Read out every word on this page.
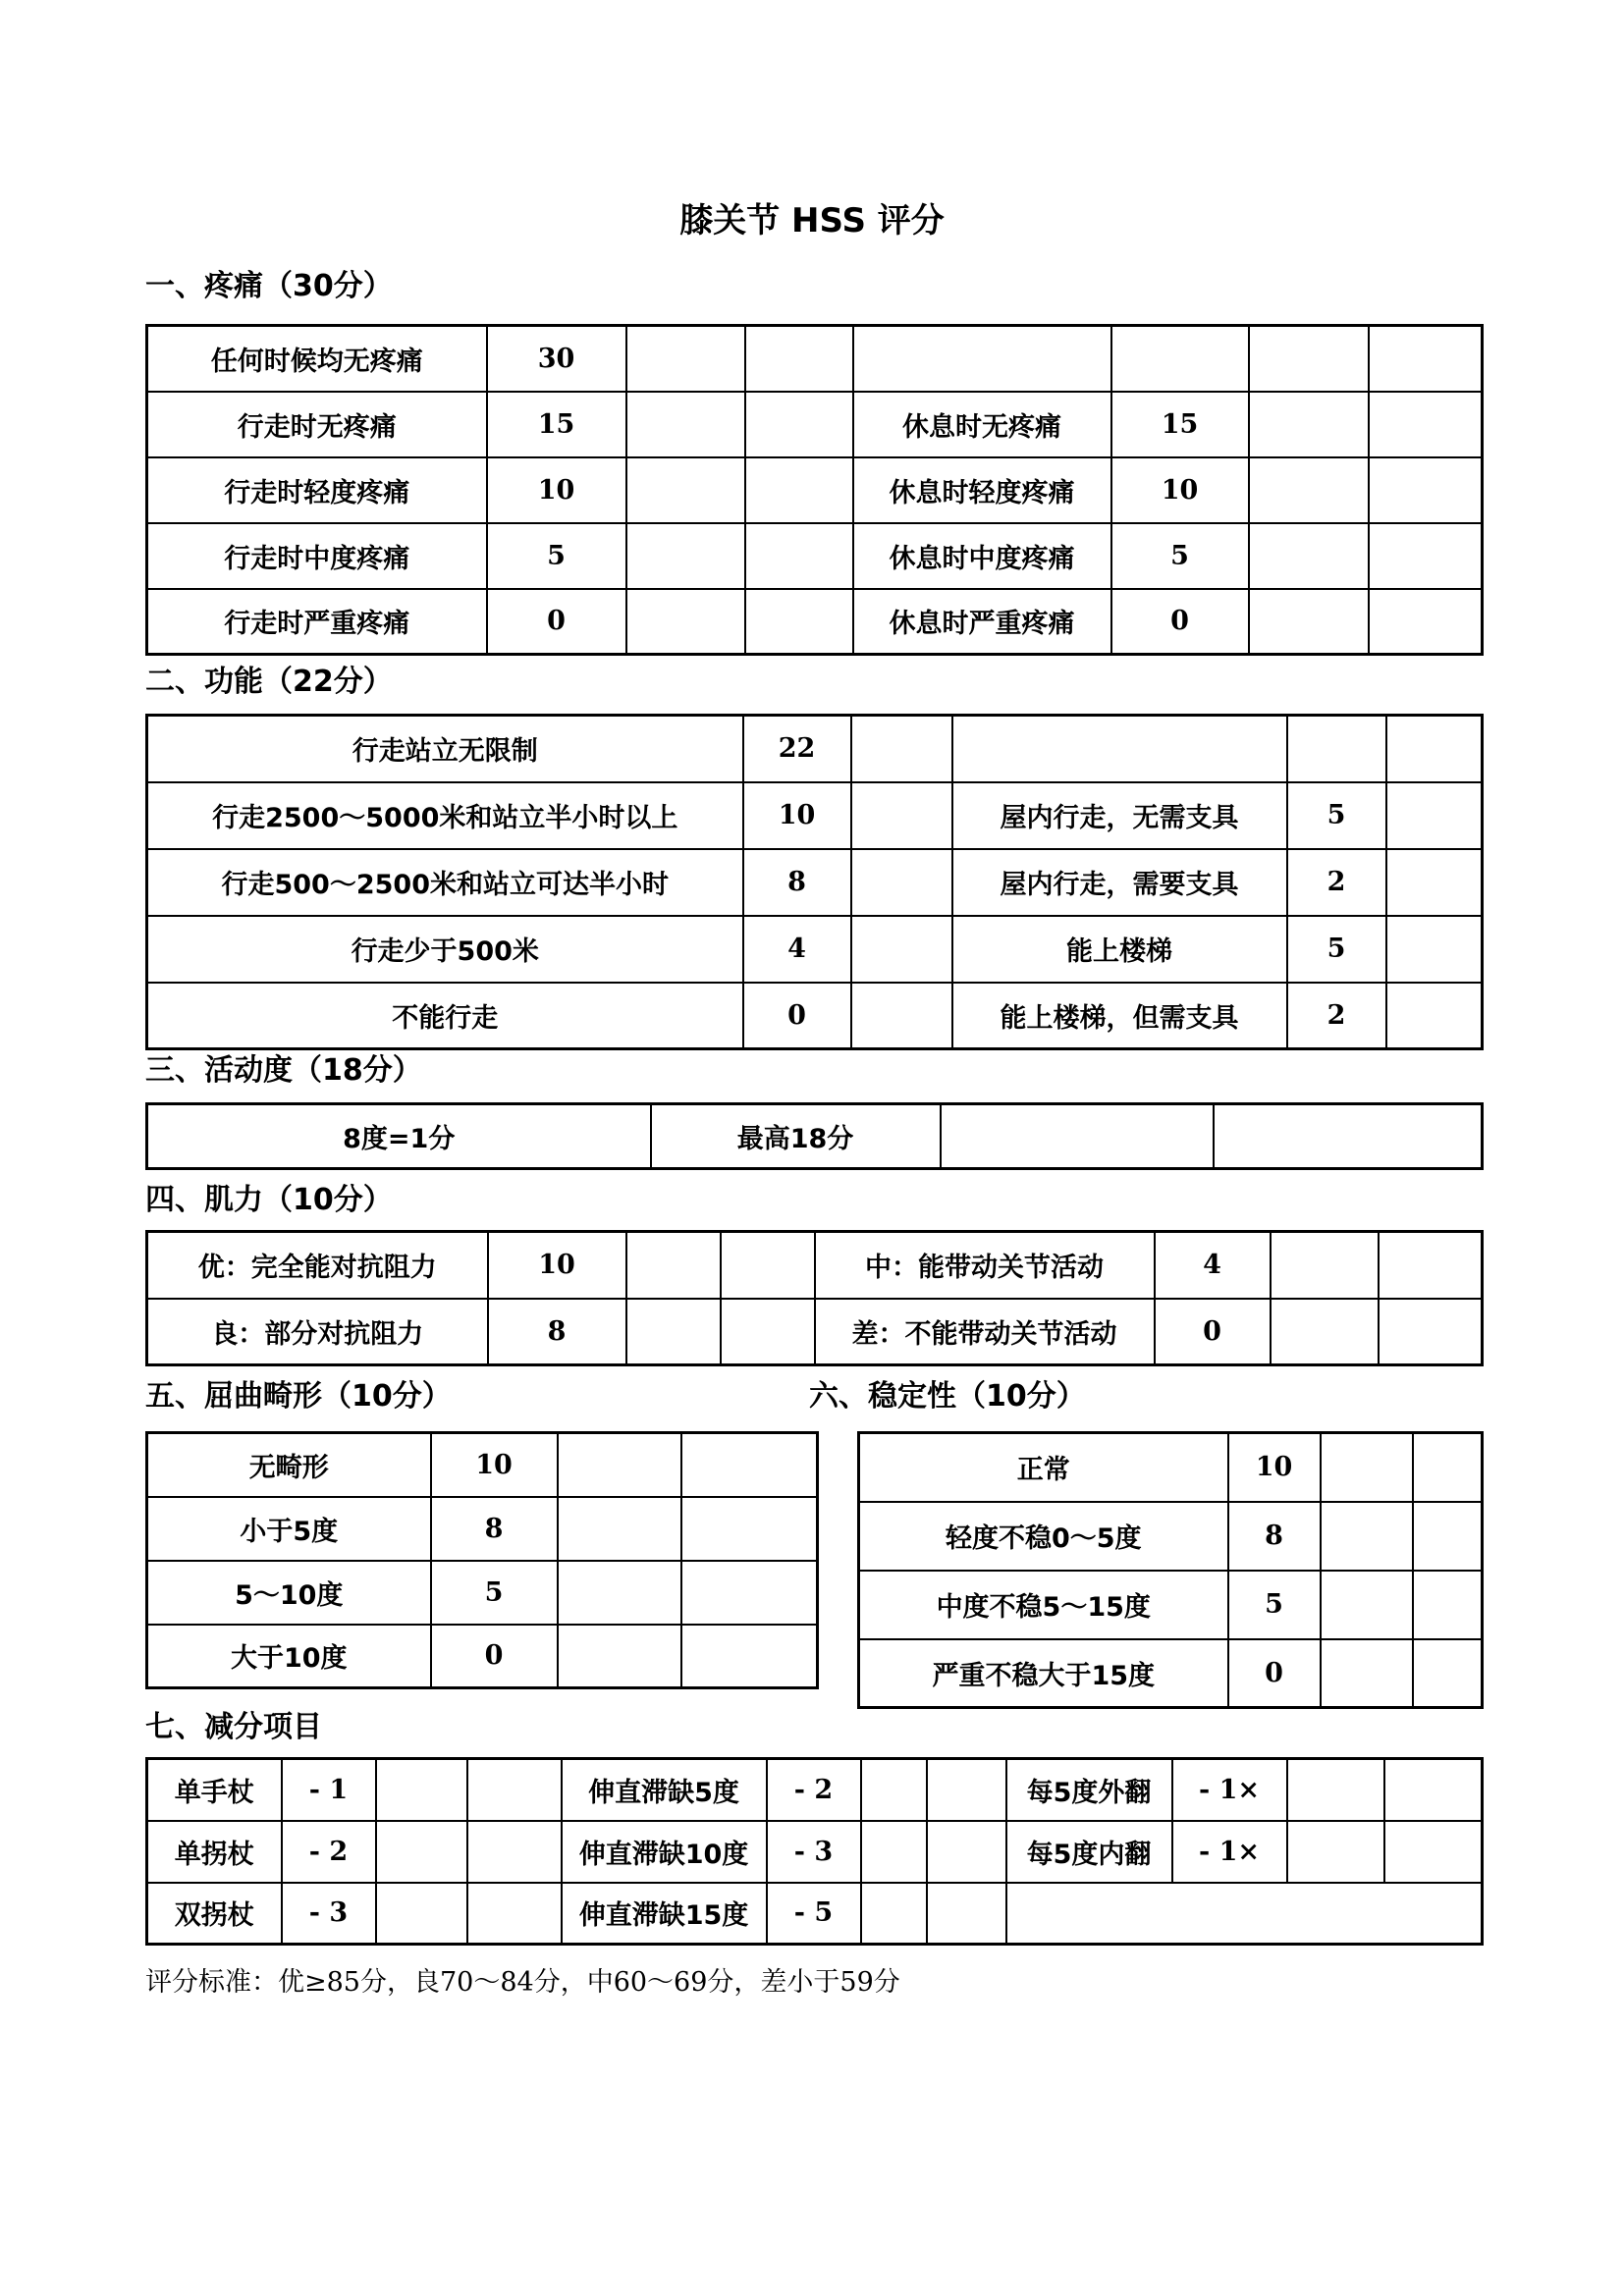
膝关节 HSS 评分
一、疼痛（30分）
任何时候均无疼痛	30						
行走时无疼痛	15			休息时无疼痛	15		
行走时轻度疼痛	10			休息时轻度疼痛	10		
行走时中度疼痛	5			休息时中度疼痛	5		
行走时严重疼痛	0			休息时严重疼痛	0		
二、功能（22分）
行走站立无限制	22				
行走2500～5000米和站立半小时以上	10		屋内行走，无需支具	5	
行走500～2500米和站立可达半小时	8		屋内行走，需要支具	2	
行走少于500米	4		能上楼梯	5	
不能行走	0		能上楼梯，但需支具	2	
三、活动度（18分）
8度=1分	最高18分		
四、肌力（10分）
优：完全能对抗阻力	10			中：能带动关节活动	4		
良：部分对抗阻力	8			差：不能带动关节活动	0		
五、屈曲畸形（10分）	六、稳定性（10分）
无畸形	10		
小于5度	8		
5～10度	5		
大于10度	0		
正常	10		
轻度不稳0～5度	8		
中度不稳5～15度	5		
严重不稳大于15度	0		
七、减分项目
单手杖	- 1			伸直滞缺5度	- 2			每5度外翻	- 1×		
单拐杖	- 2			伸直滞缺10度	- 3			每5度内翻	- 1×		
双拐杖	- 3			伸直滞缺15度	- 5						
评分标准：优≥85分，良70～84分，中60～69分，差小于59分
